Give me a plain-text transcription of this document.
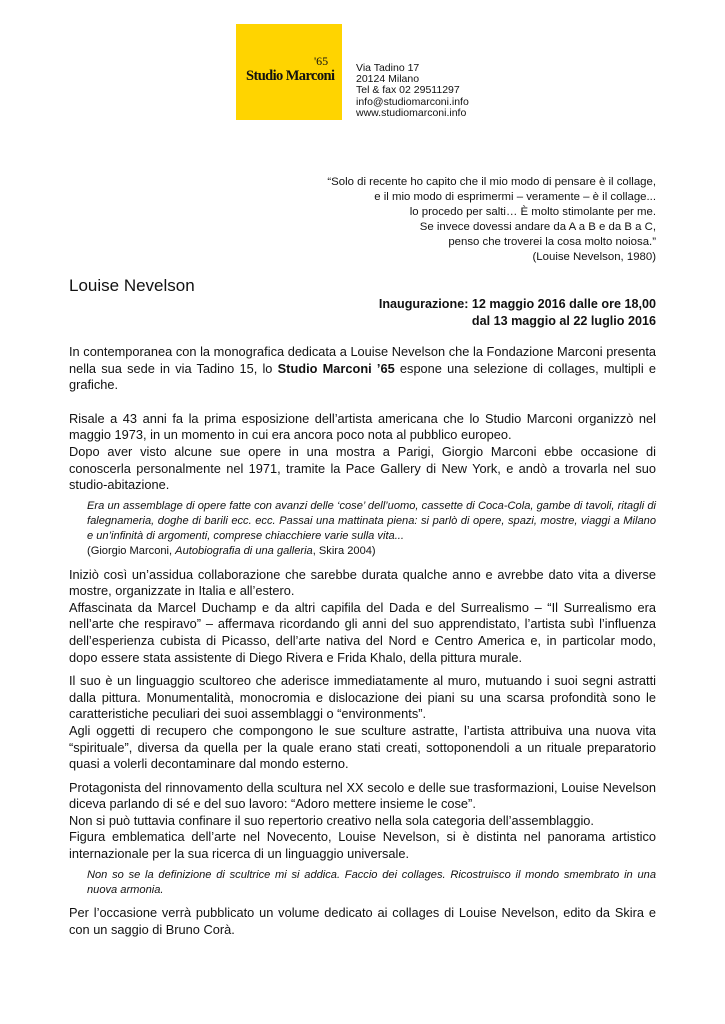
'65
Studio Marconi Via Tadino 17
20124 Milano
Tel & fax 02 29511297
info@studiomarconi.info
www.studiomarconi.info
“Solo di recente ho capito che il mio modo di pensare è il collage,
e il mio modo di esprimermi – veramente – è il collage...
lo procedo per salti… È molto stimolante per me.
Se invece dovessi andare da A a B e da B a C,
penso che troverei la cosa molto noiosa.”
(Louise Nevelson, 1980)
Louise Nevelson
Inaugurazione: 12 maggio 2016 dalle ore 18,00
dal 13 maggio al 22 luglio 2016

In contemporanea con la monografica dedicata a Louise Nevelson che la Fondazione Marconi presenta nella sua sede in via Tadino 15, lo Studio Marconi ’65 espone una selezione di collages, multipli e grafiche.

Risale a 43 anni fa la prima esposizione dell’artista americana che lo Studio Marconi organizzò nel maggio 1973, in un momento in cui era ancora poco nota al pubblico europeo.

Dopo aver visto alcune sue opere in una mostra a Parigi, Giorgio Marconi ebbe occasione di conoscerla personalmente nel 1971, tramite la Pace Gallery di New York, e andò a trovarla nel suo studio-abitazione.

Era un assemblage di opere fatte con avanzi delle ‘cose’ dell’uomo, cassette di Coca-Cola, gambe di tavoli, ritagli di falegnameria, doghe di barili ecc. ecc. Passai una mattinata piena: si parlò di opere, spazi, mostre, viaggi a Milano e un’infinità di argomenti, comprese chiacchiere varie sulla vita...

(Giorgio Marconi, Autobiografia di una galleria, Skira 2004)

Iniziò così un’assidua collaborazione che sarebbe durata qualche anno e avrebbe dato vita a diverse mostre, organizzate in Italia e all’estero.

Affascinata da Marcel Duchamp e da altri capifila del Dada e del Surrealismo – “Il Surrealismo era nell’arte che respiravo” – affermava ricordando gli anni del suo apprendistato, l’artista subì l’influenza dell’esperienza cubista di Picasso, dell’arte nativa del Nord e Centro America e, in particolar modo, dopo essere stata assistente di Diego Rivera e Frida Khalo, della pittura murale.

Il suo è un linguaggio scultoreo che aderisce immediatamente al muro, mutuando i suoi segni astratti dalla pittura. Monumentalità, monocromia e dislocazione dei piani su una scarsa profondità sono le caratteristiche peculiari dei suoi assemblaggi o “environments”.

Agli oggetti di recupero che compongono le sue sculture astratte, l’artista attribuiva una nuova vita “spirituale”, diversa da quella per la quale erano stati creati, sottoponendoli a un rituale preparatorio quasi a volerli decontaminare dal mondo esterno.

Protagonista del rinnovamento della scultura nel XX secolo e delle sue trasformazioni, Louise Nevelson diceva parlando di sé e del suo lavoro: “Adoro mettere insieme le cose”.

Non si può tuttavia confinare il suo repertorio creativo nella sola categoria dell’assemblaggio.

Figura emblematica dell’arte nel Novecento, Louise Nevelson, si è distinta nel panorama artistico internazionale per la sua ricerca di un linguaggio universale.

Non so se la definizione di scultrice mi si addica. Faccio dei collages. Ricostruisco il mondo smembrato in una nuova armonia.

Per l’occasione verrà pubblicato un volume dedicato ai collages di Louise Nevelson, edito da Skira e con un saggio di Bruno Corà.
